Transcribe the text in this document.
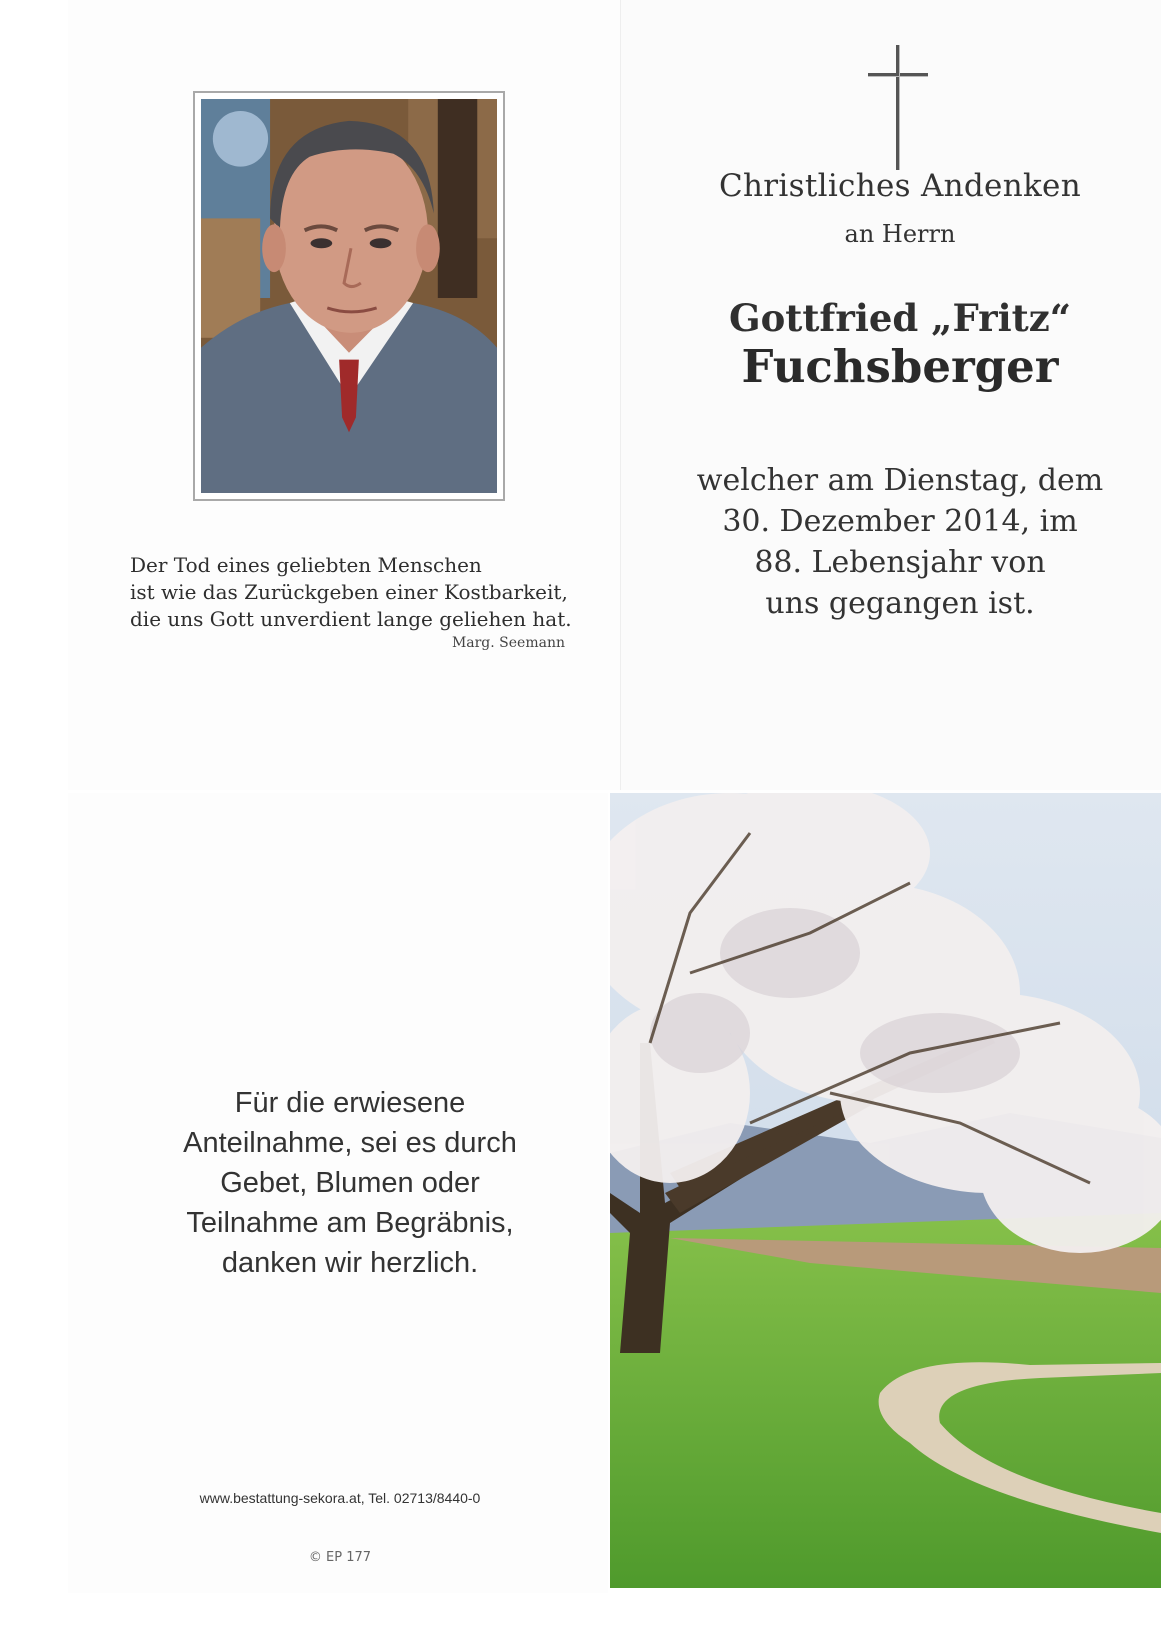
Der Tod eines geliebten Menschen
ist wie das Zurückgeben einer Kostbarkeit,
die uns Gott unverdient lange geliehen hat.
Marg. Seemann
Christliches Andenken
an Herrn
Gottfried „Fritz“
Fuchsberger
welcher am Dienstag, dem
30. Dezember 2014, im
88. Lebensjahr von
uns gegangen ist.
Für die erwiesene
Anteilnahme, sei es durch
Gebet, Blumen oder
Teilnahme am Begräbnis,
danken wir herzlich.
www.bestattung-sekora.at, Tel. 02713/8440-0
© EP 177
